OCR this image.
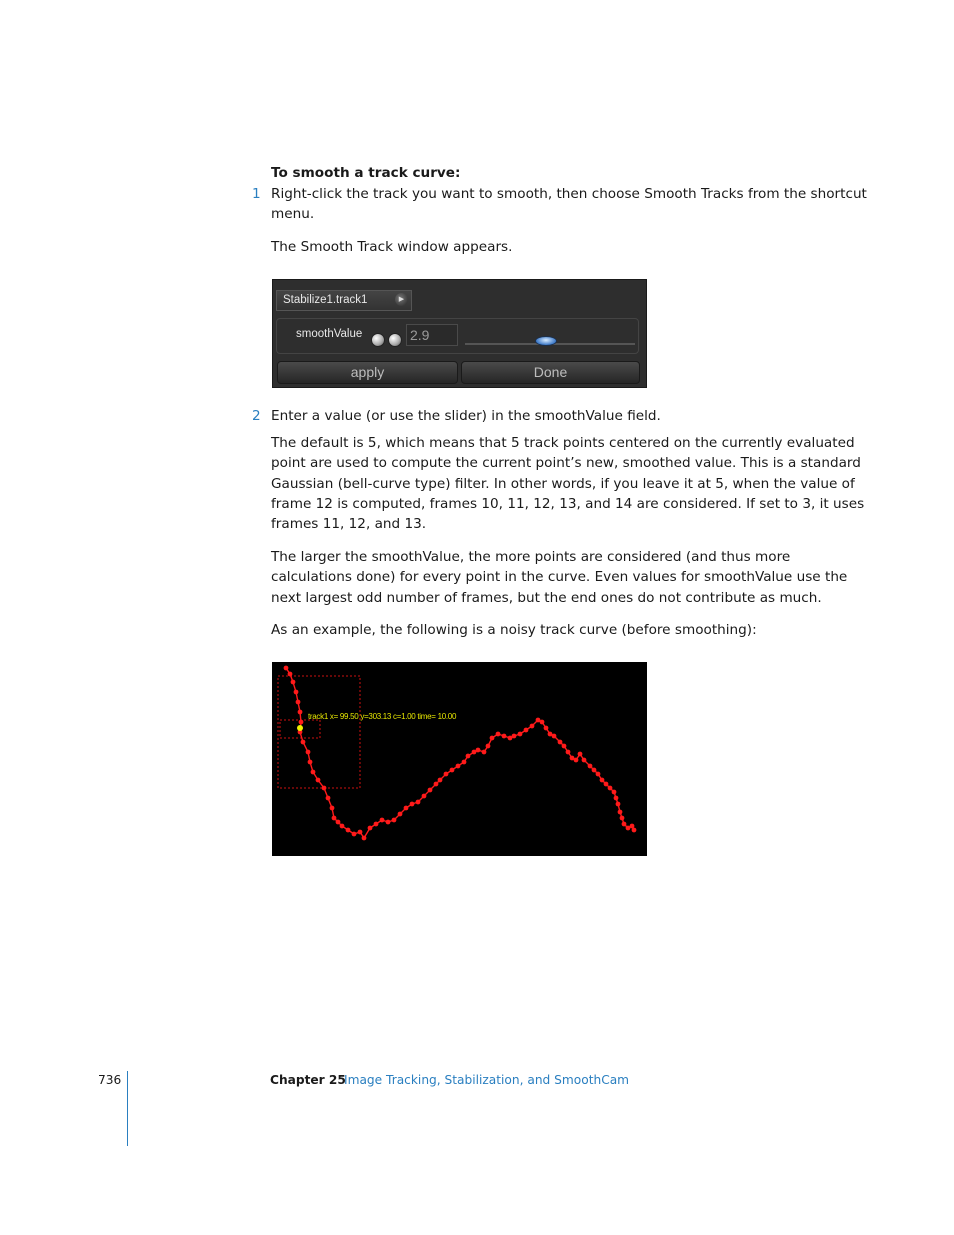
To smooth a track curve:
1 Right-click the track you want to smooth, then choose Smooth Tracks from the shortcut
menu.
The Smooth Track window appears.
Stabilize1.track1	▶
smoothValue	2.9
apply	Done
2 Enter a value (or use the slider) in the smoothValue field.
The default is 5, which means that 5 track points centered on the currently evaluated
point are used to compute the current point’s new, smoothed value. This is a standard
Gaussian (bell-curve type) filter. In other words, if you leave it at 5, when the value of
frame 12 is computed, frames 10, 11, 12, 13, and 14 are considered. If set to 3, it uses
frames 11, 12, and 13.
The larger the smoothValue, the more points are considered (and thus more
calculations done) for every point in the curve. Even values for smoothValue use the
next largest odd number of frames, but the end ones do not contribute as much.
As an example, the following is a noisy track curve (before smoothing):
track1 x= 99.50 y=303.13 c=1.00 time= 10.00
736	Chapter 25
Image Tracking, Stabilization, and SmoothCam
